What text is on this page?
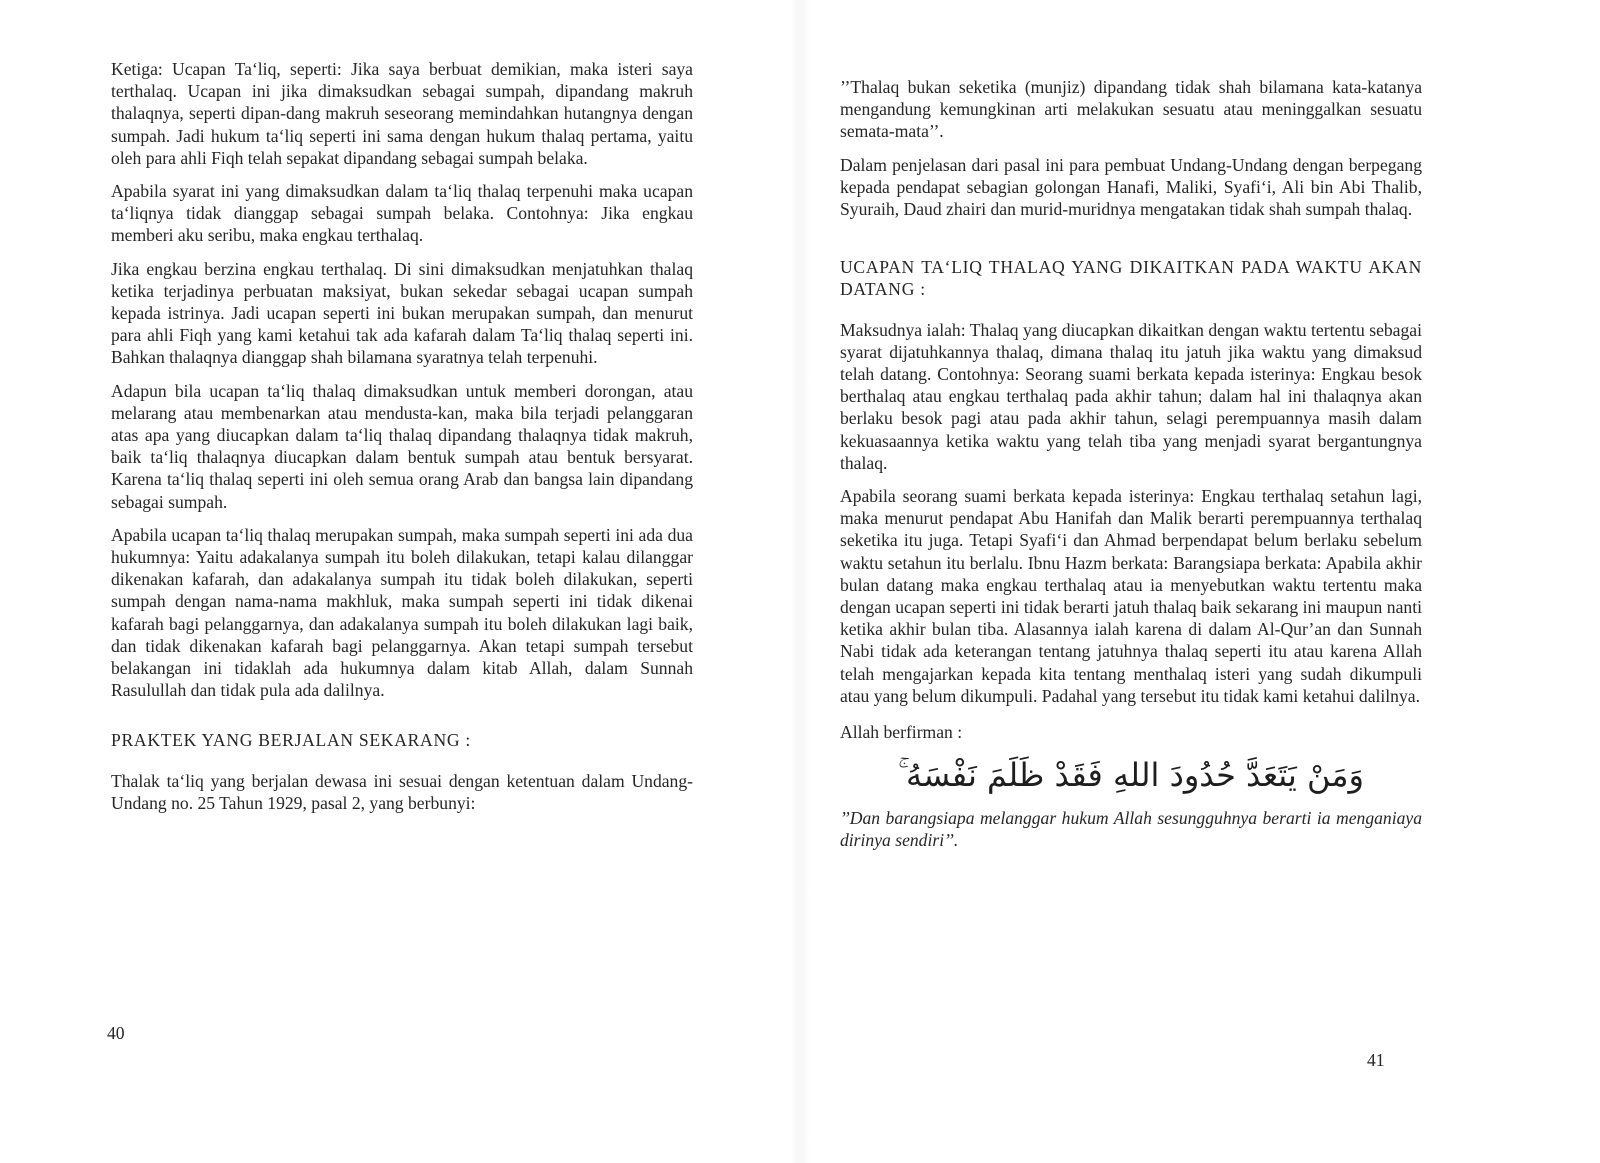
Ketiga: Ucapan Ta‘liq, seperti: Jika saya berbuat demikian, maka isteri saya terthalaq. Ucapan ini jika dimaksudkan sebagai sumpah, dipandang makruh thalaqnya, seperti dipan-dang makruh seseorang memindahkan hutangnya dengan sumpah. Jadi hukum ta‘liq seperti ini sama dengan hukum thalaq pertama, yaitu oleh para ahli Fiqh telah sepakat dipandang sebagai sumpah belaka.

Apabila syarat ini yang dimaksudkan dalam ta‘liq thalaq terpenuhi maka ucapan ta‘liqnya tidak dianggap sebagai sumpah belaka. Contohnya: Jika engkau memberi aku seribu, maka engkau terthalaq.

Jika engkau berzina engkau terthalaq. Di sini dimaksudkan menjatuhkan thalaq ketika terjadinya perbuatan maksiyat, bukan sekedar sebagai ucapan sumpah kepada istrinya. Jadi ucapan seperti ini bukan merupakan sumpah, dan menurut para ahli Fiqh yang kami ketahui tak ada kafarah dalam Ta‘liq thalaq seperti ini. Bahkan thalaqnya dianggap shah bilamana syaratnya telah terpenuhi.

Adapun bila ucapan ta‘liq thalaq dimaksudkan untuk memberi dorongan, atau melarang atau membenarkan atau mendusta-kan, maka bila terjadi pelanggaran atas apa yang diucapkan dalam ta‘liq thalaq dipandang thalaqnya tidak makruh, baik ta‘liq thalaqnya diucapkan dalam bentuk sumpah atau bentuk bersyarat. Karena ta‘liq thalaq seperti ini oleh semua orang Arab dan bangsa lain dipandang sebagai sumpah.

Apabila ucapan ta‘liq thalaq merupakan sumpah, maka sumpah seperti ini ada dua hukumnya: Yaitu adakalanya sumpah itu boleh dilakukan, tetapi kalau dilanggar dikenakan kafarah, dan adakalanya sumpah itu tidak boleh dilakukan, seperti sumpah dengan nama-nama makhluk, maka sumpah seperti ini tidak dikenai kafarah bagi pelanggarnya, dan adakalanya sumpah itu boleh dilakukan lagi baik, dan tidak dikenakan kafarah bagi pelanggarnya. Akan tetapi sumpah tersebut belakangan ini tidaklah ada hukumnya dalam kitab Allah, dalam Sunnah Rasulullah dan tidak pula ada dalilnya.

PRAKTEK YANG BERJALAN SEKARANG :

Thalak ta‘liq yang berjalan dewasa ini sesuai dengan ketentuan dalam Undang-Undang no. 25 Tahun 1929, pasal 2, yang berbunyi:

40

’’Thalaq bukan seketika (munjiz) dipandang tidak shah bilamana kata-katanya mengandung kemungkinan arti melakukan sesuatu atau meninggalkan sesuatu semata-mata’’.

Dalam penjelasan dari pasal ini para pembuat Undang-Undang dengan berpegang kepada pendapat sebagian golongan Hanafi, Maliki, Syafi‘i, Ali bin Abi Thalib, Syuraih, Daud zhairi dan murid-muridnya mengatakan tidak shah sumpah thalaq.

UCAPAN TA‘LIQ THALAQ YANG DIKAITKAN PADA WAKTU AKAN DATANG :

Maksudnya ialah: Thalaq yang diucapkan dikaitkan dengan waktu tertentu sebagai syarat dijatuhkannya thalaq, dimana thalaq itu jatuh jika waktu yang dimaksud telah datang. Contohnya: Seorang suami berkata kepada isterinya: Engkau besok berthalaq atau engkau terthalaq pada akhir tahun; dalam hal ini thalaqnya akan berlaku besok pagi atau pada akhir tahun, selagi perempuannya masih dalam kekuasaannya ketika waktu yang telah tiba yang menjadi syarat bergantungnya thalaq.

Apabila seorang suami berkata kepada isterinya: Engkau terthalaq setahun lagi, maka menurut pendapat Abu Hanifah dan Malik berarti perempuannya terthalaq seketika itu juga. Tetapi Syafi‘i dan Ahmad berpendapat belum berlaku sebelum waktu setahun itu berlalu. Ibnu Hazm berkata: Barangsiapa berkata: Apabila akhir bulan datang maka engkau terthalaq atau ia menyebutkan waktu tertentu maka dengan ucapan seperti ini tidak berarti jatuh thalaq baik sekarang ini maupun nanti ketika akhir bulan tiba. Alasannya ialah karena di dalam Al-Qur’an dan Sunnah Nabi tidak ada keterangan tentang jatuhnya thalaq seperti itu atau karena Allah telah mengajarkan kepada kita tentang menthalaq isteri yang sudah dikumpuli atau yang belum dikumpuli. Padahal yang tersebut itu tidak kami ketahui dalilnya.

Allah berfirman :

وَمَنْ يَتَعَدَّ حُدُودَ اللهِ فَقَدْ ظَلَمَ نَفْسَهُ ۚ

’’Dan barangsiapa melanggar hukum Allah sesungguhnya berarti ia menganiaya dirinya sendiri’’.

41
